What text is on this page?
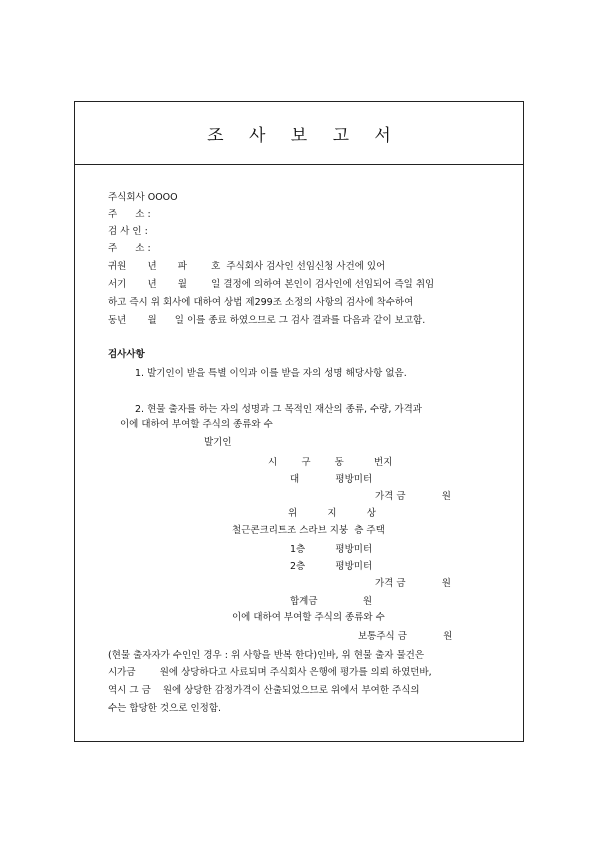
조 사 보 고 서
주식회사 OOOO
주      소 :
검 사 인 :
주      소 :
귀원       년       파        호  주식회사 검사인 선임신청 사건에 있어
서기       년       월        일 결정에 의하여 본인이 검사인에 선임되어 즉일 취임
하고 즉시 위 회사에 대하여 상법 제299조 소정의 사항의 검사에 착수하여
동년       월      일 이를 종료 하였으므로 그 검사 결과를 다음과 같이 보고함.
검사사항
1. 발기인이 받을 특별 이익과 이를 받을 자의 성명 해당사항 없음.
2. 현물 출자를 하는 자의 성명과 그 목적인 재산의 종류, 수량, 가격과
이에 대하여 부여할 주식의 종류와 수
발기인
시        구        동          번지
대            평방미터
가격 금            원
위          지          상
철근콘크리트조 스라브 지붕  층 주택
1층          평방미터
2층          평방미터
가격 금            원
합계금               원
이에 대하여 부여할 주식의 종류와 수
보통주식 금            원
(현물 출자자가 수인인 경우 : 위 사항을 반복 한다)인바, 위 현물 출자 물건은
시가금        원에 상당하다고 사료되며 주식회사 은행에 평가를 의뢰 하였던바,
역시 그 금    원에 상당한 감정가격이 산출되었으므로 위에서 부여한 주식의
수는 합당한 것으로 인정함.
